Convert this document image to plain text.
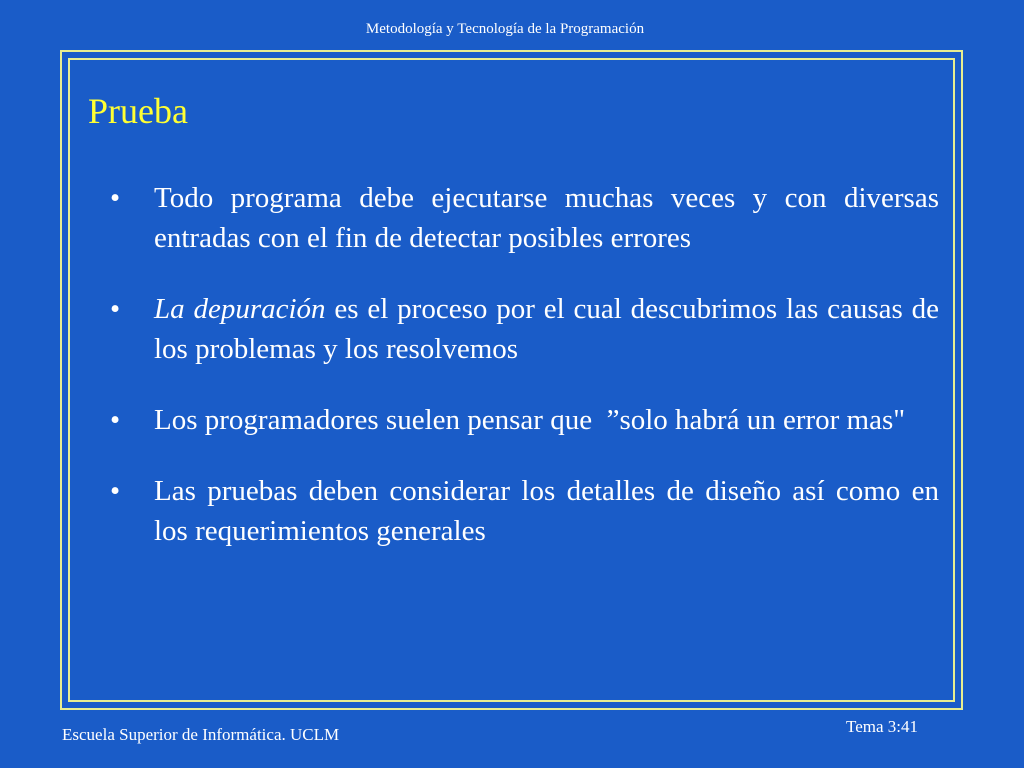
Metodología y Tecnología de la Programación
Prueba
•	Todo programa debe ejecutarse muchas veces y con diversas entradas con el fin de detectar posibles errores
•	La depuración es el proceso por el cual descubrimos las causas de los problemas y los resolvemos
•	Los programadores suelen pensar que  ”solo habrá un error mas"
•	Las pruebas deben considerar los detalles de diseño así como en los requerimientos generales
Escuela Superior de Informática. UCLM	Tema 3:41
